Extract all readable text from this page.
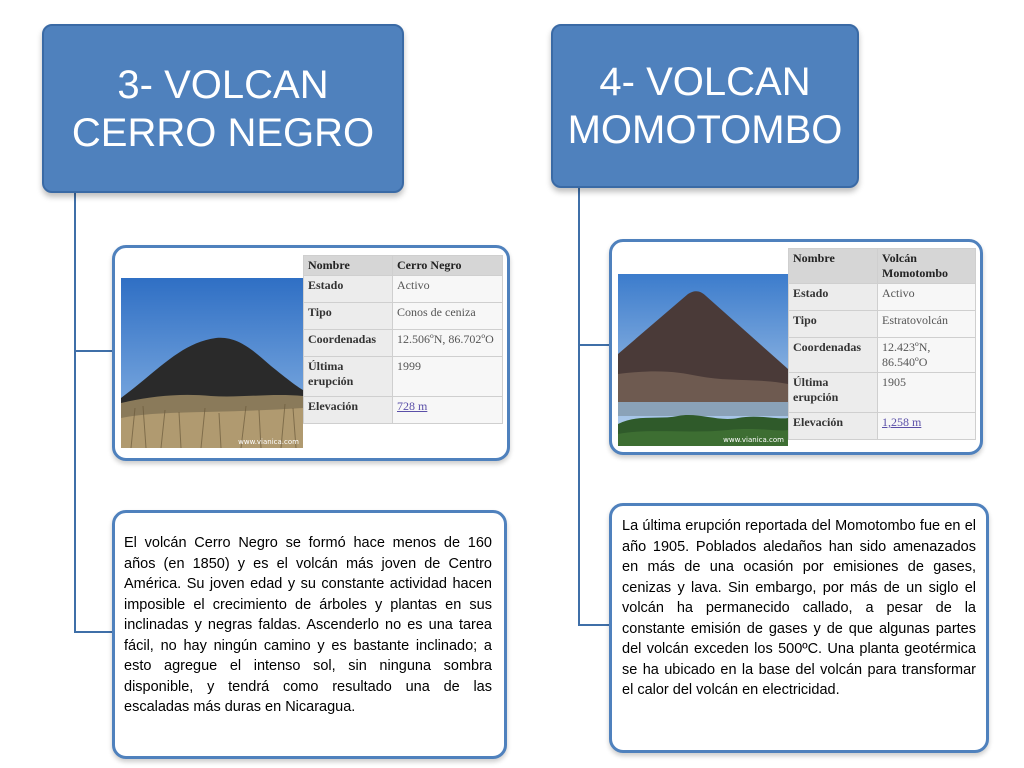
3- VOLCAN CERRO NEGRO
4- VOLCAN MOMOTOMBO
www.vianica.com
Nombre	Cerro Negro
Estado	Activo
Tipo	Conos de ceniza
Coordenadas	12.506ºN, 86.702ºO
Última erupción	1999
Elevación	728 m
www.vianica.com
Nombre	Volcán Momotombo
Estado	Activo
Tipo	Estratovolcán
Coordenadas	12.423ºN, 86.540ºO
Última erupción	1905
Elevación	1,258 m
El volcán Cerro Negro se formó hace menos de 160 años (en 1850) y es el volcán más joven de Centro América. Su joven edad y su constante actividad hacen imposible el crecimiento de árboles y plantas en sus inclinadas y negras faldas. Ascenderlo no es una tarea fácil, no hay ningún camino y es bastante inclinado; a esto agregue el intenso sol, sin ninguna sombra disponible, y tendrá como resultado una de las escaladas más duras en Nicaragua.
La última erupción reportada del Momotombo fue en el año 1905. Poblados aledaños han sido amenazados en más de una ocasión por emisiones de gases, cenizas y lava. Sin embargo, por más de un siglo el volcán ha permanecido callado, a pesar de la constante emisión de gases y de que algunas partes del volcán exceden los 500ºC. Una planta geotérmica se ha ubicado en la base del volcán para transformar el calor del volcán en electricidad.
